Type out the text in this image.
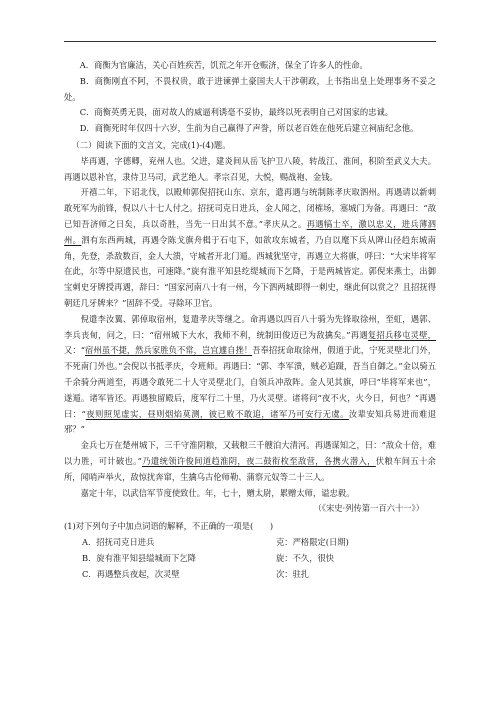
A．商衡为官廉洁，关心百姓疾苦，饥荒之年开仓赈济，保全了许多人的性命。

B．商衡刚直不阿，不畏权贵，敢于进谏弹土豪国夫人干涉朝政，上书指出皇上处理事务不妥之处。

C．商衡英勇无畏，面对故人的威逼利诱毫不妥协，最终以死表明自己对国家的忠诚。

D．商衡死时年仅四十六岁，生前为自己赢得了声誉，所以老百姓在他死后建立祠庙纪念他。

（二）阅读下面的文言文，完成(1)-(4)题。

毕再遇，字德卿，兖州人也。父进，建炎间从岳飞护卫八陵，转战江、淮间，积阶至武义大夫。再遇以恩补官，隶侍卫马司，武艺绝人。孝宗召见，大悦，赐战袍、金钱。

开禧二年，下诏北伐，以殿帅郭倪招抚山东、京东，遣再遇与统制陈孝庆取泗州。再遇请以新刺敢死军为前锋，倪以八十七人付之。招抚司克日进兵，金人闻之，闭榷场，塞城门为备。再遇曰：“敌已知吾济师之日矣，兵以奇胜，当先一日出其不意。”孝庆从之。再遇犒士卒，激以忠义，进兵薄泗州。泗有东西两城，再遇令陈戈旗舟楫于石屯下，如欲攻东城者，乃自以麾下兵从陴山径趋东城南角，先登，杀敌数百，金人大溃，守城者开北门遁。西城犹坚守，再遇立大将旗，呼曰：“大宋毕将军在此，尔等中原遗民也，可速降。”旋有淮平知县纥缇城而下乞降，于是两城皆定。郭倪来燕士，出御宝刺史牙牌授再遇，辞曰：“国家河南八十有一州，今下泗两城即得一刺史，继此何以赏之？且招抚得朝廷几牙牌来？”固辞不受。寻除环卫官。

倪遣李汝翼、郭倬取宿州，复遣孝庆等继之。命再遇以四百八十骑为先锋取徐州，至虹，遇郭、李兵丧甸，问之，曰：“宿州城下大水，我师不利，统制田俊迈已为敌擒矣。”再遇复招兵移屯灵壁，又：“宿州虽不捷，然兵家胜负不常，岂宜遽自挫！吾奉招抚命取徐州，假道于此，宁死灵壁北门外，不死南门外也。”会倪以书抵孝庆，令班师。再遇曰：“郭、李军溃，贼必追蹑，吾当自御之。”金以骑五千余骑分两道至，再遇令敢死二十人守灵壁北门，自领兵冲敌阵。金人见其旗，呼曰“毕将军来也”，遂遁。诸军皆还。再遇独留殿后，度军行二十里，乃火灵壁。诸将问“夜不火，火今日，何也？”再遇曰：“夜则照见虚实，昼则烟焰莫测，彼已败不敢追，诸军乃可安行无虞。汝辈安知兵易进而难退邪？”

金兵七万在楚州城下，三千守淮阴粮，又载粮三千艘泊大清河。再遇谋知之，曰：“敌众十倍，难以力胜，可计破也。”乃遣统领许俊间道趋淮阴，夜二鼓衔枚至敌营，各携火潜入，伏粮车间五十余所，闻哨声举火，敌惊扰奔窜，生擒乌古伦师勒、蒲察元奴等二十三人。

嘉定十年，以武信军节度使致仕。年，七十，赠太尉，累赠太师，谥忠毅。

（《宋史·列传第一百六十一》）

(1)对下列句子中加点词语的解释，不正确的一项是(　　)

A．招抚司克日进兵	克：严格限定(日期)
B．旋有淮平知县缢城而下乞降	旋：不久，很快
C．再遇整兵夜起，次灵壁	次：驻扎
